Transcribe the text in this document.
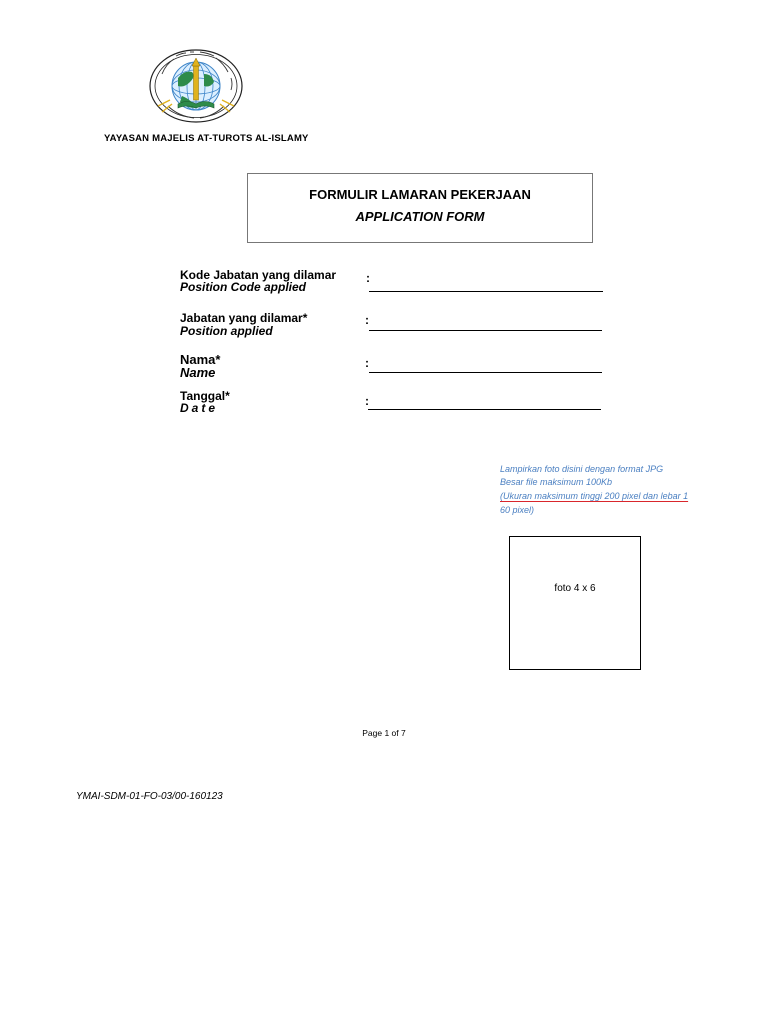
YAYASAN MAJELIS AT-TUROTS AL-ISLAMY
FORMULIR LAMARAN PEKERJAAN
APPLICATION FORM
Kode Jabatan yang dilamar
Position Code applied
:
Jabatan yang dilamar*
Position applied
:
Nama*
Name
:
Tanggal*
Date	:
Lampirkan foto disini dengan format JPG
Besar file maksimum 100Kb
(Ukuran maksimum tinggi 200 pixel dan lebar 1
60 pixel)
foto 4 x 6
Page 1 of 7
YMAI-SDM-01-FO-03/00-160123
